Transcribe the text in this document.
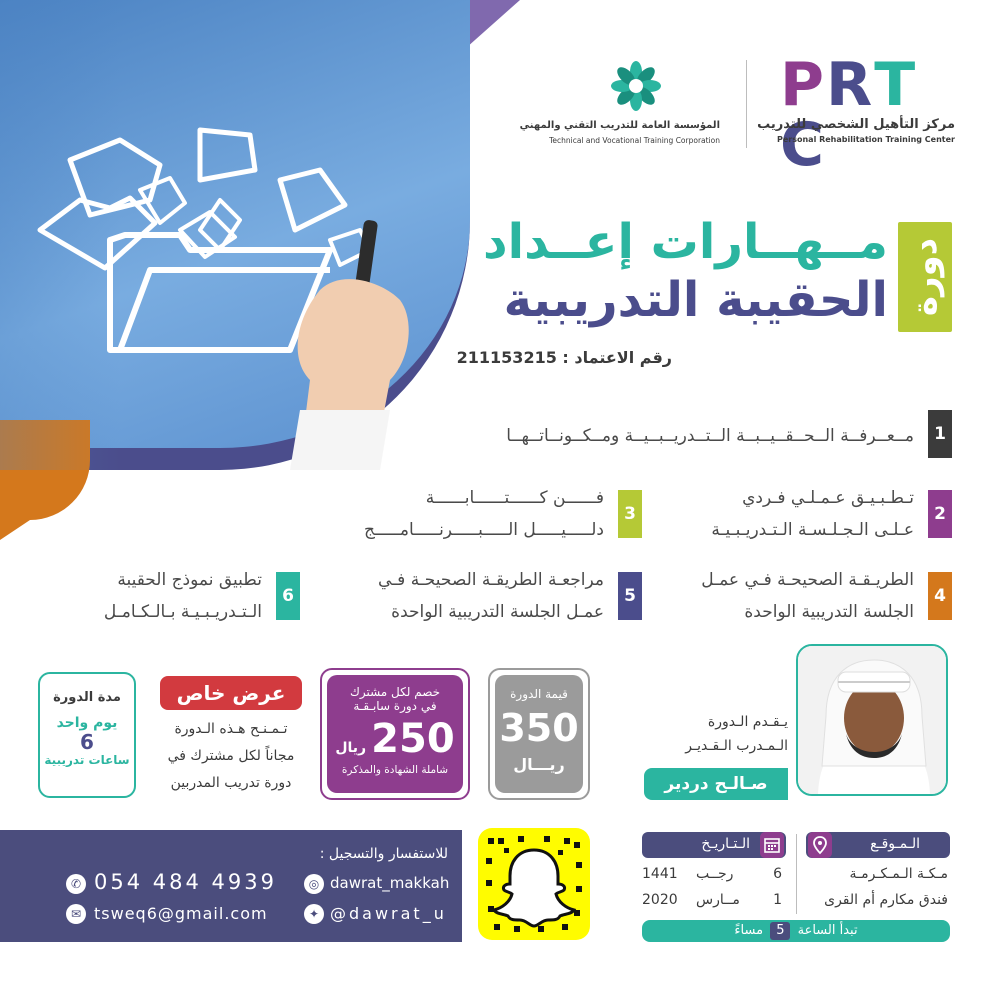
PRTC
مركز التأهيل الشخصي للتدريب
Personal Rehabilitation Training Center
المؤسسة العامة للتدريب التقني والمهني
Technical and Vocational Training Corporation
دورة
مــهــارات إعــداد
الحقيبة التدريبية
رقم الاعتماد : 211153215
1
مــعــرفــة الــحــقــيــبــة الــتــدريــبــيــة ومــكــونــاتــهــا
2
تـطـبـيـق عـمـلـي فـردي
عـلـى الـجـلـسـة الـتـدريـبـيـة
3
فــــــن كــــــتــــــابــــــة
دلـــــيـــــل الـــــبـــــرنـــــامـــــج
4
الطريـقـة الصحيحـة فـي عمـل
الجلسة التدريبية الواحدة
5
مراجعـة الطريقـة الصحيحـة فـي
عمـل الجلسة التدريبية الواحدة
6
تطبيق نموذج الحقيبة
الـتـدريـبـيـة بـالـكـامـل
مدة الدورة
يوم واحد
6
ساعات تدريبية
عرض خاص
تـمـنـح هـذه الـدورة
مجاناً لكل مشترك في
دورة تدريب المدربين
خصم لكل مشترك
في دورة سابـقـة
250 ريال
شاملة الشهادة والمذكرة
قيمة الدورة
350
ريـــال
يـقـدم الـدورة
الـمـدرب الـقـديـر
صـالـح دردير
للاستفسار والتسجيل :
✆ 054 484 4939	◎ dawrat_makkah
✉ tsweq6@gmail.com	✦ @dawrat_u
الـمـوقـع
مـكـة الـمـكـرمـة
فندق مكارم أم القرى
الـتـاريـخ
1441 رجــب	6
2020 مــارس 1
تبدأ الساعة 5 مساءً
